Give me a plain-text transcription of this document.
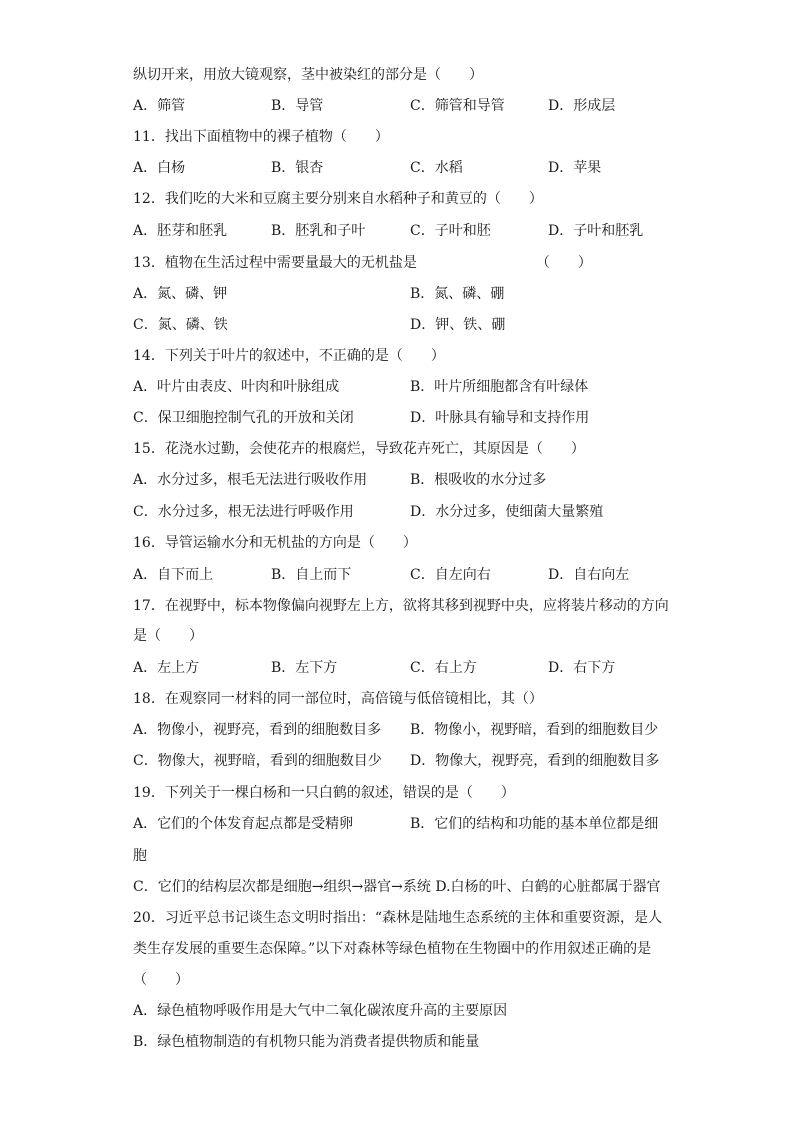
纵切开来，用放大镜观察，茎中被染红的部分是（　　）
A．筛管	B．导管	C．筛管和导管	D．形成层
11．找出下面植物中的裸子植物（　　）
A．白杨	B．银杏	C．水稻	D．苹果
12．我们吃的大米和豆腐主要分别来自水稻种子和黄豆的（　　）
A．胚芽和胚乳	B．胚乳和子叶	C．子叶和胚	D．子叶和胚乳
13．植物在生活过程中需要量最大的无机盐是　　　　　　　　　（　　）
A．氮、磷、钾	B．氮、磷、硼
C．氮、磷、铁	D．钾、铁、硼
14．下列关于叶片的叙述中，不正确的是（　　）
A．叶片由表皮、叶肉和叶脉组成	B．叶片所细胞都含有叶绿体
C．保卫细胞控制气孔的开放和关闭	D．叶脉具有输导和支持作用
15．花浇水过勤，会使花卉的根腐烂，导致花卉死亡，其原因是（　　）
A．水分过多，根毛无法进行吸收作用	B．根吸收的水分过多
C．水分过多，根无法进行呼吸作用	D．水分过多，使细菌大量繁殖
16．导管运输水分和无机盐的方向是（　　）
A．自下而上	B．自上而下	C．自左向右	D．自右向左
17．在视野中，标本物像偏向视野左上方，欲将其移到视野中央，应将装片移动的方向
是（　　）
A．左上方	B．左下方	C．右上方	D．右下方
18．在观察同一材料的同一部位时，高倍镜与低倍镜相比，其（）
A．物像小，视野亮，看到的细胞数目多 B．物像小，视野暗，看到的细胞数目少
C．物像大，视野暗，看到的细胞数目少 D．物像大，视野亮，看到的细胞数目多
19．下列关于一棵白杨和一只白鹤的叙述，错误的是（　　）
A．它们的个体发育起点都是受精卵	B．它们的结构和功能的基本单位都是细
胞
C．它们的结构层次都是细胞→组织→器官→系统 D.白杨的叶、白鹤的心脏都属于器官
20．习近平总书记谈生态文明时指出：“森林是陆地生态系统的主体和重要资源，是人
类生存发展的重要生态保障。”以下对森林等绿色植物在生物圈中的作用叙述正确的是
（　　）
A．绿色植物呼吸作用是大气中二氧化碳浓度升高的主要原因
B．绿色植物制造的有机物只能为消费者提供物质和能量
